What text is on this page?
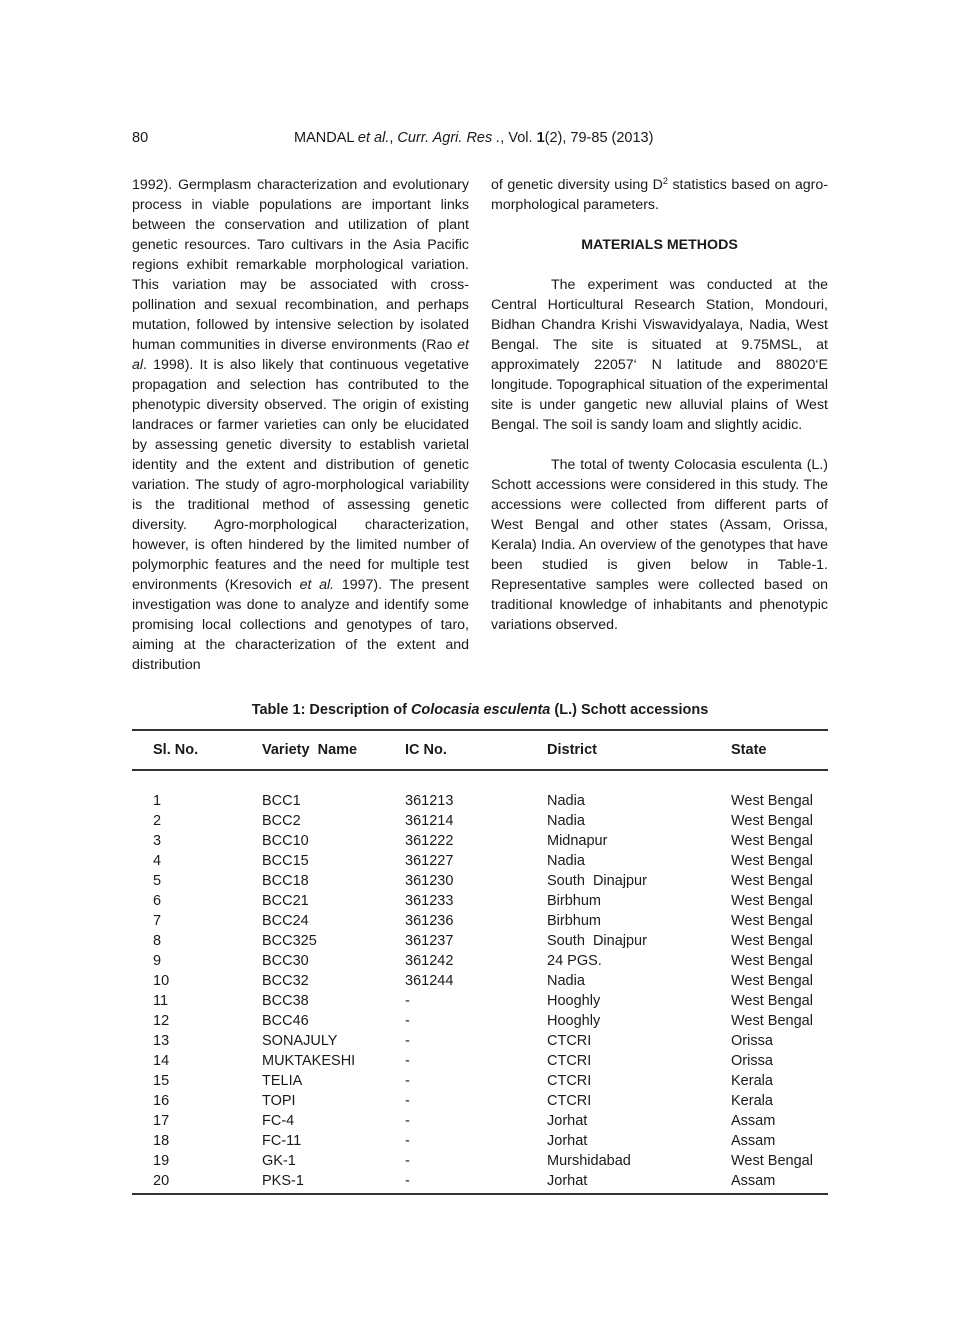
80	MANDAL et al., Curr. Agri. Res ., Vol. 1(2), 79-85 (2013)

1992). Germplasm characterization and evolutionary process in viable populations are important links between the conservation and utilization of plant genetic resources. Taro cultivars in the Asia Pacific regions exhibit remarkable morphological variation. This variation may be associated with cross-pollination and sexual recombination, and perhaps mutation, followed by intensive selection by isolated human communities in diverse environments (Rao et al. 1998). It is also likely that continuous vegetative propagation and selection has contributed to the phenotypic diversity observed. The origin of existing landraces or farmer varieties can only be elucidated by assessing genetic diversity to establish varietal identity and the extent and distribution of genetic variation. The study of agro-morphological variability is the traditional method of assessing genetic diversity. Agro-morphological characterization, however, is often hindered by the limited number of polymorphic features and the need for multiple test environments (Kresovich et al. 1997). The present investigation was done to analyze and identify some promising local collections and genotypes of taro, aiming at the characterization of the extent and distribution

of genetic diversity using $D^2$ statistics based on agro-morphological parameters.

MATERIALS METHODS

The experiment was conducted at the Central Horticultural Research Station, Mondouri, Bidhan Chandra Krishi Viswavidyalaya, Nadia, West Bengal. The site is situated at 9.75MSL, at approximately 22057‘ N latitude and 88020‘E longitude. Topographical situation of the experimental site is under gangetic new alluvial plains of West Bengal. The soil is sandy loam and slightly acidic.

The total of twenty Colocasia esculenta (L.) Schott accessions were considered in this study. The accessions were collected from different parts of West Bengal and other states (Assam, Orissa, Kerala) India. An overview of the genotypes that have been studied is given below in Table-1. Representative samples were collected based on traditional knowledge of inhabitants and phenotypic variations observed.

Table 1: Description of Colocasia esculenta (L.) Schott accessions
Sl. No.	Variety  Name	IC No.	District	State
1	BCC1	361213	Nadia	West Bengal
2	BCC2	361214	Nadia	West Bengal
3	BCC10	361222	Midnapur	West Bengal
4	BCC15	361227	Nadia	West Bengal
5	BCC18	361230	South  Dinajpur	West Bengal
6	BCC21	361233	Birbhum	West Bengal
7	BCC24	361236	Birbhum	West Bengal
8	BCC325	361237	South  Dinajpur	West Bengal
9	BCC30	361242	24 PGS.	West Bengal
10	BCC32	361244	Nadia	West Bengal
11	BCC38	-	Hooghly	West Bengal
12	BCC46	-	Hooghly	West Bengal
13	SONAJULY	-	CTCRI	Orissa
14	MUKTAKESHI	-	CTCRI	Orissa
15	TELIA	-	CTCRI	Kerala
16	TOPI	-	CTCRI	Kerala
17	FC-4	-	Jorhat	Assam
18	FC-11	-	Jorhat	Assam
19	GK-1	-	Murshidabad	West Bengal
20	PKS-1	-	Jorhat	Assam
